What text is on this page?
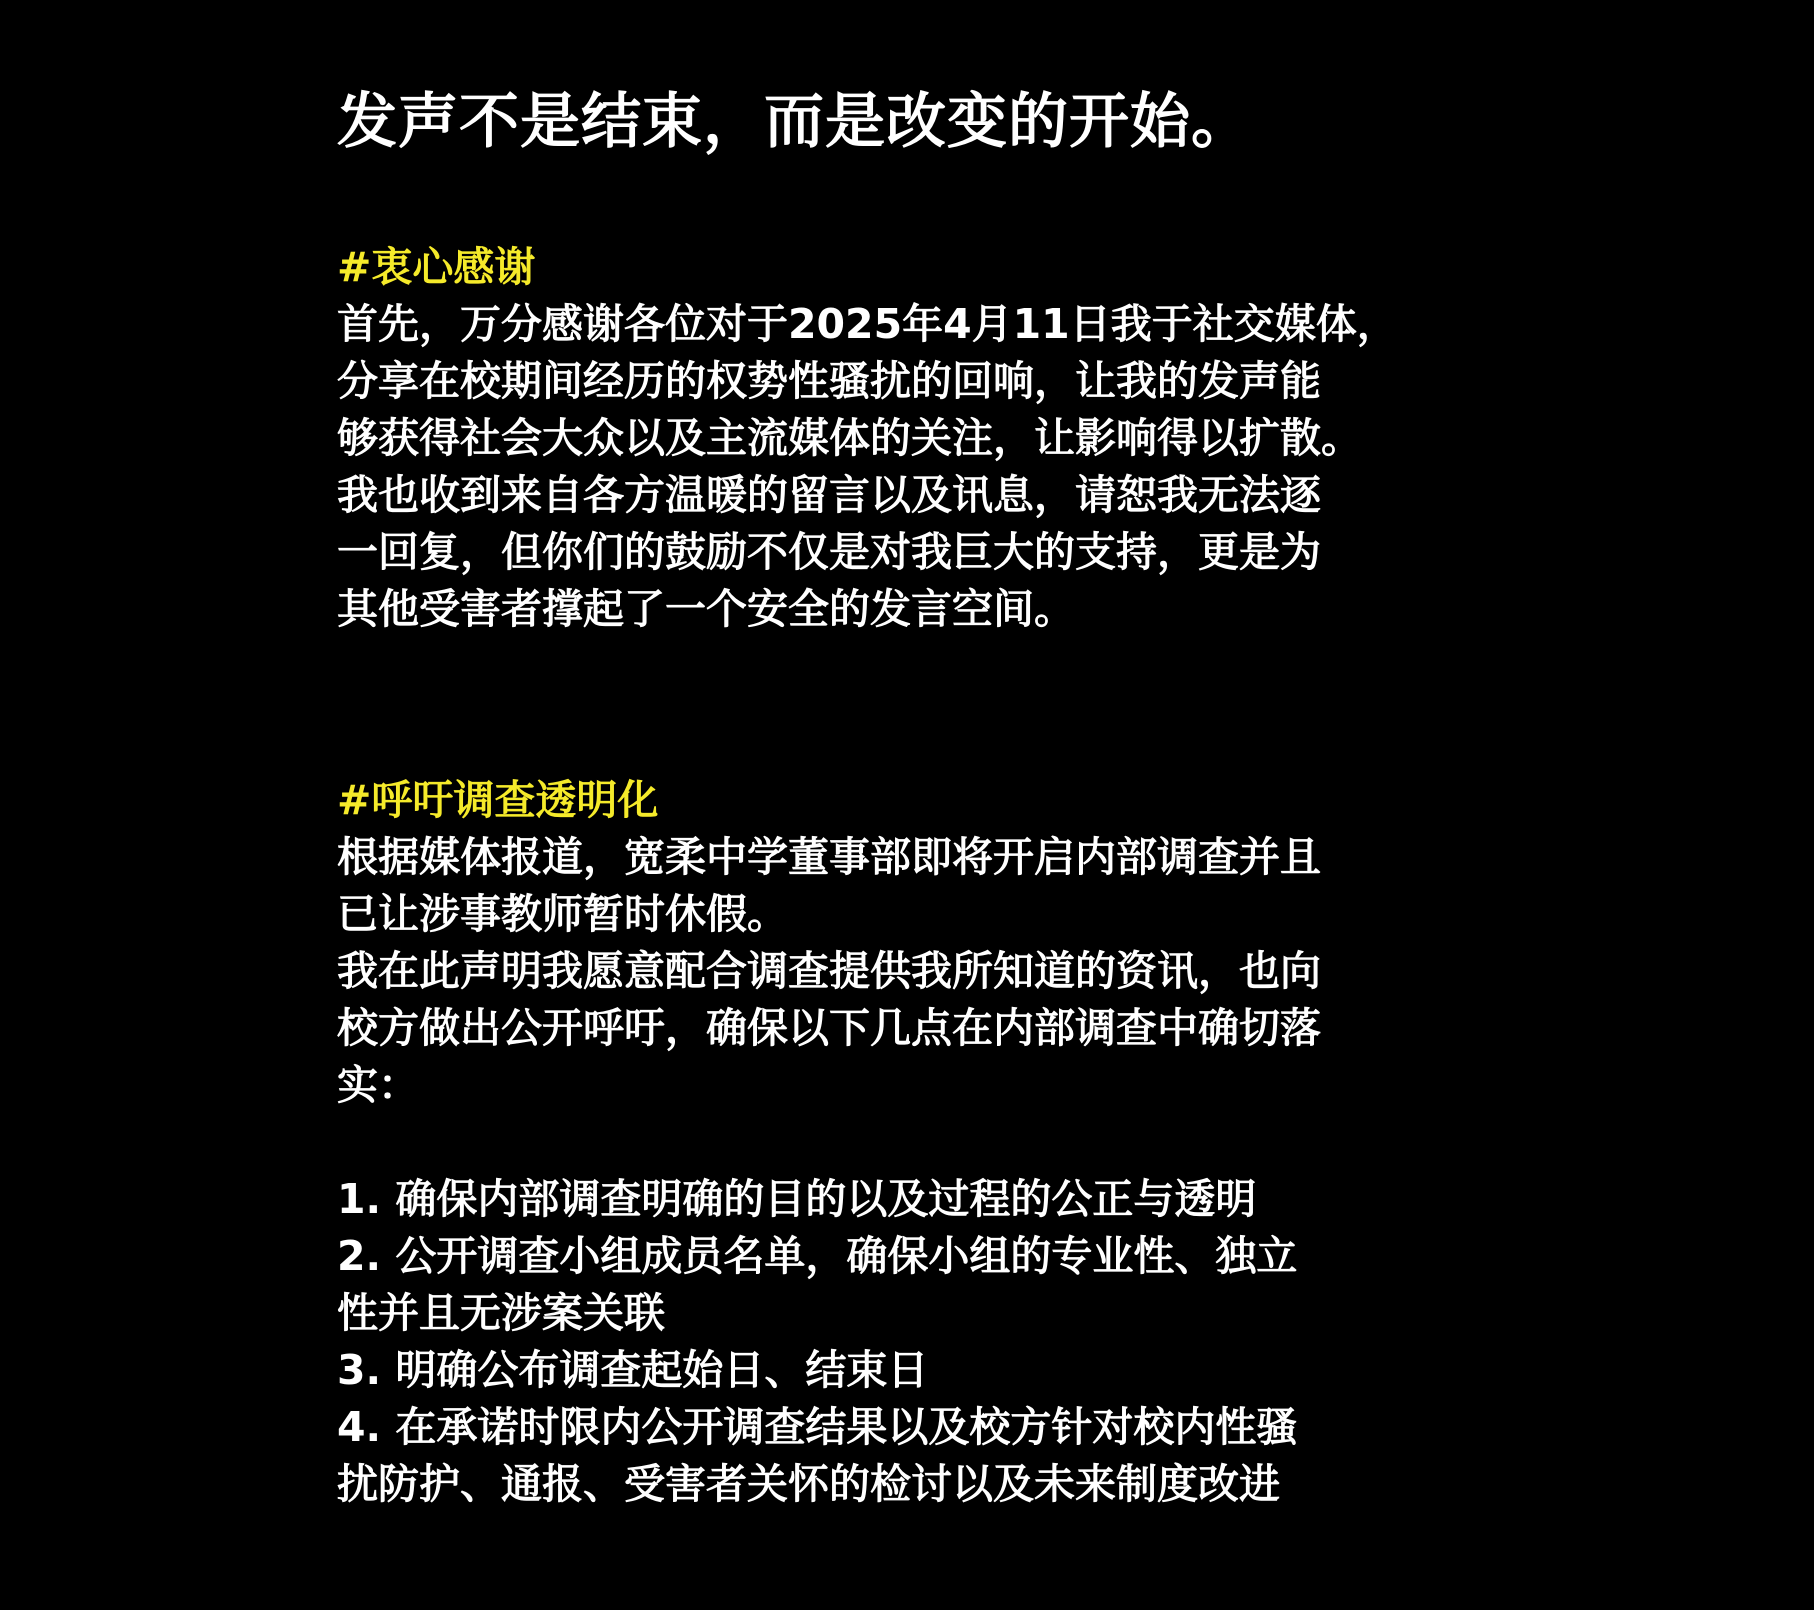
发声不是结束，而是改变的开始。
#衷心感谢
首先，万分感谢各位对于2025年4月11日我于社交媒体，
分享在校期间经历的权势性骚扰的回响，让我的发声能
够获得社会大众以及主流媒体的关注，让影响得以扩散。
我也收到来自各方温暖的留言以及讯息，请恕我无法逐
一回复，但你们的鼓励不仅是对我巨大的支持，更是为
其他受害者撑起了一个安全的发言空间。
#呼吁调查透明化
根据媒体报道，宽柔中学董事部即将开启内部调查并且
已让涉事教师暂时休假。
我在此声明我愿意配合调查提供我所知道的资讯，也向
校方做出公开呼吁，确保以下几点在内部调查中确切落
实：
1. 确保内部调查明确的目的以及过程的公正与透明
2. 公开调查小组成员名单，确保小组的专业性、独立
性并且无涉案关联
3. 明确公布调查起始日、结束日
4. 在承诺时限内公开调查结果以及校方针对校内性骚
扰防护、通报、受害者关怀的检讨以及未来制度改进
